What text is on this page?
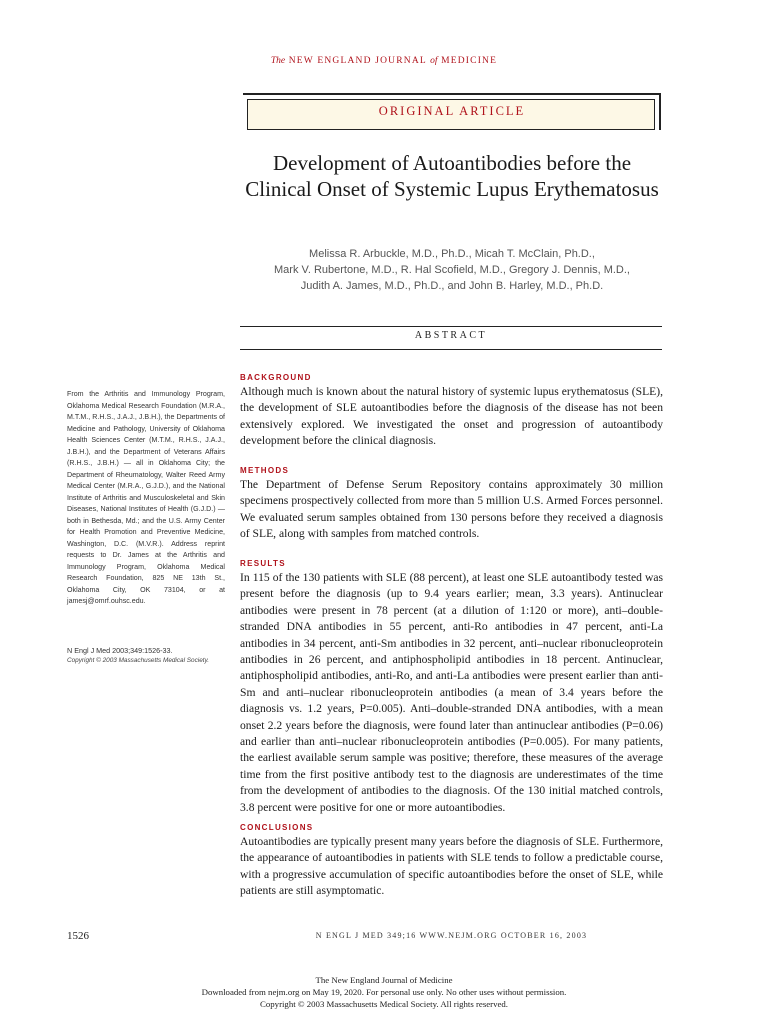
The NEW ENGLAND JOURNAL of MEDICINE
ORIGINAL ARTICLE
Development of Autoantibodies before the Clinical Onset of Systemic Lupus Erythematosus
Melissa R. Arbuckle, M.D., Ph.D., Micah T. McClain, Ph.D.,
Mark V. Rubertone, M.D., R. Hal Scofield, M.D., Gregory J. Dennis, M.D.,
Judith A. James, M.D., Ph.D., and John B. Harley, M.D., Ph.D.
ABSTRACT
From the Arthritis and Immunology Program, Oklahoma Medical Research Foundation (M.R.A., M.T.M., R.H.S., J.A.J., J.B.H.), the Departments of Medicine and Pathology, University of Oklahoma Health Sciences Center (M.T.M., R.H.S., J.A.J., J.B.H.), and the Department of Veterans Affairs (R.H.S., J.B.H.) — all in Oklahoma City; the Department of Rheumatology, Walter Reed Army Medical Center (M.R.A., G.J.D.), and the National Institute of Arthritis and Musculoskeletal and Skin Diseases, National Institutes of Health (G.J.D.) — both in Bethesda, Md.; and the U.S. Army Center for Health Promotion and Preventive Medicine, Washington, D.C. (M.V.R.). Address reprint requests to Dr. James at the Arthritis and Immunology Program, Oklahoma Medical Research Foundation, 825 NE 13th St., Oklahoma City, OK 73104, or at jamesj@omrf.ouhsc.edu.
N Engl J Med 2003;349:1526-33.
Copyright © 2003 Massachusetts Medical Society.
BACKGROUND
Although much is known about the natural history of systemic lupus erythematosus (SLE), the development of SLE autoantibodies before the diagnosis of the disease has not been extensively explored. We investigated the onset and progression of autoantibody development before the clinical diagnosis.
METHODS
The Department of Defense Serum Repository contains approximately 30 million specimens prospectively collected from more than 5 million U.S. Armed Forces personnel. We evaluated serum samples obtained from 130 persons before they received a diagnosis of SLE, along with samples from matched controls.
RESULTS
In 115 of the 130 patients with SLE (88 percent), at least one SLE autoantibody tested was present before the diagnosis (up to 9.4 years earlier; mean, 3.3 years). Antinuclear antibodies were present in 78 percent (at a dilution of 1:120 or more), anti–double-stranded DNA antibodies in 55 percent, anti-Ro antibodies in 47 percent, anti-La antibodies in 34 percent, anti-Sm antibodies in 32 percent, anti–nuclear ribonucleoprotein antibodies in 26 percent, and antiphospholipid antibodies in 18 percent. Antinuclear, antiphospholipid antibodies, anti-Ro, and anti-La antibodies were present earlier than anti-Sm and anti–nuclear ribonucleoprotein antibodies (a mean of 3.4 years before the diagnosis vs. 1.2 years, P=0.005). Anti–double-stranded DNA antibodies, with a mean onset 2.2 years before the diagnosis, were found later than antinuclear antibodies (P=0.06) and earlier than anti–nuclear ribonucleoprotein antibodies (P=0.005). For many patients, the earliest available serum sample was positive; therefore, these measures of the average time from the first positive antibody test to the diagnosis are underestimates of the time from the development of antibodies to the diagnosis. Of the 130 initial matched controls, 3.8 percent were positive for one or more autoantibodies.
CONCLUSIONS
Autoantibodies are typically present many years before the diagnosis of SLE. Furthermore, the appearance of autoantibodies in patients with SLE tends to follow a predictable course, with a progressive accumulation of specific autoantibodies before the onset of SLE, while patients are still asymptomatic.
1526	N ENGL J MED 349;16 WWW.NEJM.ORG OCTOBER 16, 2003
The New England Journal of Medicine
Downloaded from nejm.org on May 19, 2020. For personal use only. No other uses without permission.
Copyright © 2003 Massachusetts Medical Society. All rights reserved.
